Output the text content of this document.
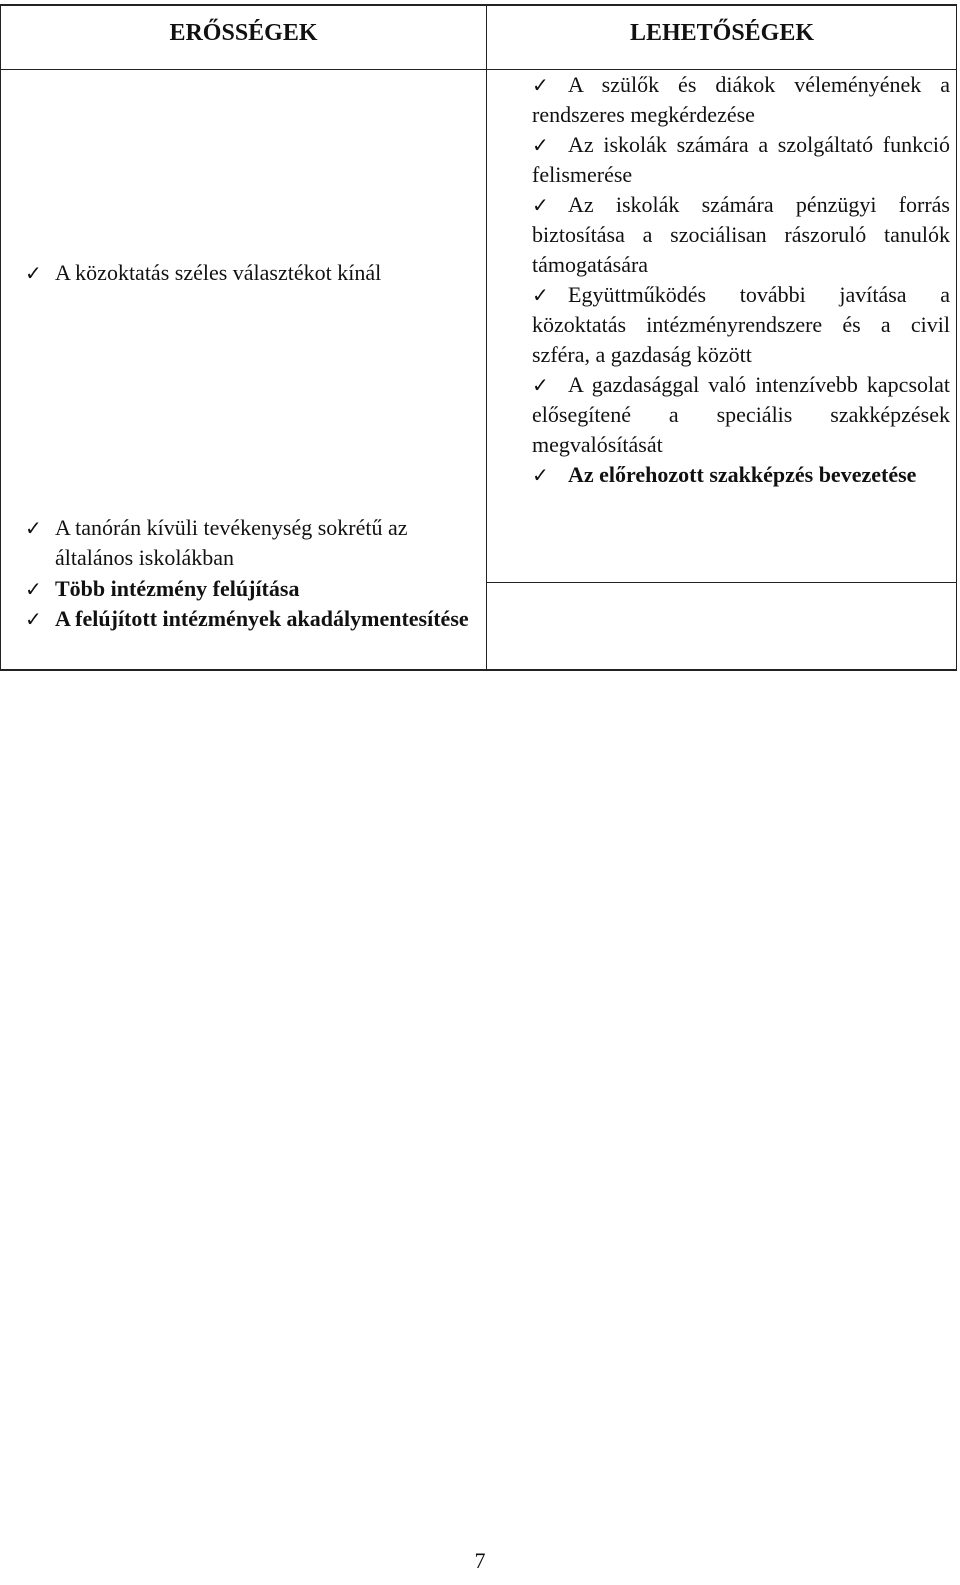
ERŐSSÉGEK	LEHETŐSÉGEK
✓ A közoktatás széles választékot kínál
✓ A tanórán kívüli tevékenység sokrétű az általános iskolákban
✓ Több intézmény felújítása
✓ A felújított intézmények akadálymentesítése
✓ A szülők és diákok véleményének a rendszeres megkérdezése
✓ Az iskolák számára a szolgáltató funkció felismerése
✓ Az iskolák számára pénzügyi forrás biztosítása a szociálisan rászoruló tanulók támogatására
✓ Együttműködés további javítása a közoktatás intézményrendszere és a civil szféra, a gazdaság között
✓ A gazdasággal való intenzívebb kapcsolat elősegítené a speciális szakképzések megvalósítását
✓ Az előrehozott szakképzés bevezetése
7
